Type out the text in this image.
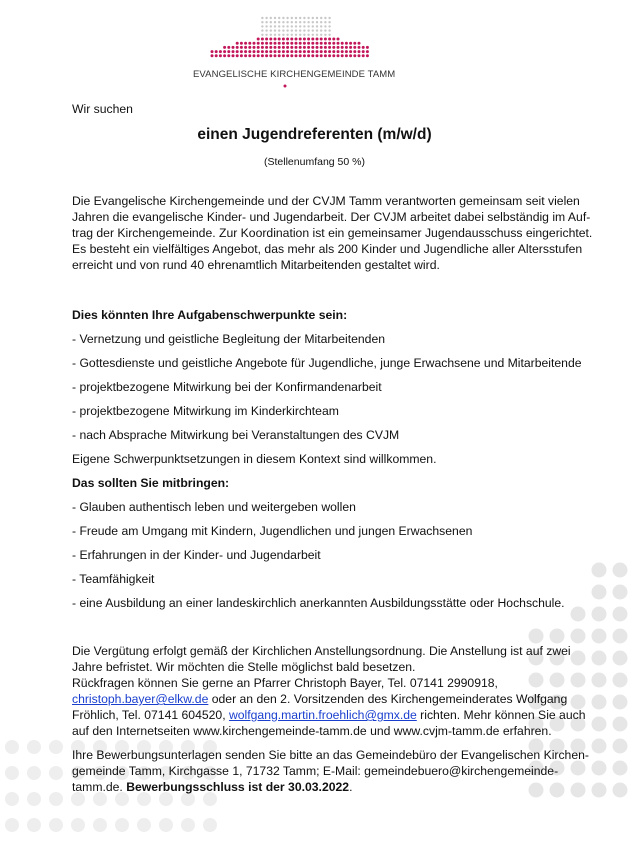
EVANGELISCHE KIRCHENGEMEINDE TAMM
Wir suchen
einen Jugendreferenten (m/w/d)
(Stellenumfang 50 %)
Die Evangelische Kirchengemeinde und der CVJM Tamm verantworten gemeinsam seit vielen
Jahren die evangelische Kinder- und Jugendarbeit. Der CVJM arbeitet dabei selbständig im Auf-
trag der Kirchengemeinde. Zur Koordination ist ein gemeinsamer Jugendausschuss eingerichtet.
Es besteht ein vielfältiges Angebot, das mehr als 200 Kinder und Jugendliche aller Altersstufen
erreicht und von rund 40 ehrenamtlich Mitarbeitenden gestaltet wird.
Dies könnten Ihre Aufgabenschwerpunkte sein:
- Vernetzung und geistliche Begleitung der Mitarbeitenden
- Gottesdienste und geistliche Angebote für Jugendliche, junge Erwachsene und Mitarbeitende
- projektbezogene Mitwirkung bei der Konfirmandenarbeit
- projektbezogene Mitwirkung im Kinderkirchteam
- nach Absprache Mitwirkung bei Veranstaltungen des CVJM
Eigene Schwerpunktsetzungen in diesem Kontext sind willkommen.
Das sollten Sie mitbringen:
- Glauben authentisch leben und weitergeben wollen
- Freude am Umgang mit Kindern, Jugendlichen und jungen Erwachsenen
- Erfahrungen in der Kinder- und Jugendarbeit
- Teamfähigkeit
- eine Ausbildung an einer landeskirchlich anerkannten Ausbildungsstätte oder Hochschule.
Die Vergütung erfolgt gemäß der Kirchlichen Anstellungsordnung. Die Anstellung ist auf zwei
Jahre befristet. Wir möchten die Stelle möglichst bald besetzen.
Rückfragen können Sie gerne an Pfarrer Christoph Bayer, Tel. 07141 2990918,
christoph.bayer@elkw.de oder an den 2. Vorsitzenden des Kirchengemeinderates Wolfgang
Fröhlich, Tel. 07141 604520, wolfgang.martin.froehlich@gmx.de richten. Mehr können Sie auch
auf den Internetseiten www.kirchengemeinde-tamm.de und www.cvjm-tamm.de erfahren.
Ihre Bewerbungsunterlagen senden Sie bitte an das Gemeindebüro der Evangelischen Kirchen-
gemeinde Tamm, Kirchgasse 1, 71732 Tamm; E-Mail: gemeindebuero@kirchengemeinde-
tamm.de. Bewerbungsschluss ist der 30.03.2022.
